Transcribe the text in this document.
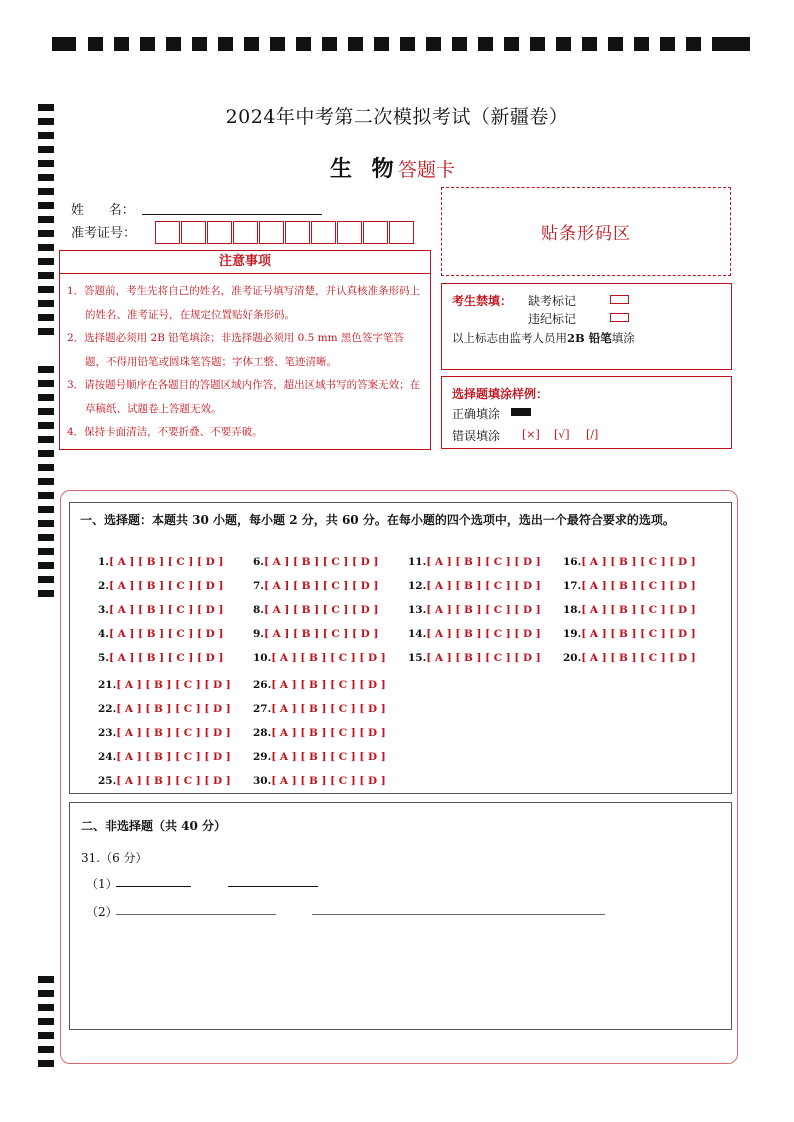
2024年中考第二次模拟考试（新疆卷）
生 物
答题卡
姓      名：
准考证号：	贴条形码区
注意事项
1．答题前，考生先将自己的姓名，准考证号填写清楚，并认真核准条形码上的姓名、准考证号，在规定位置贴好条形码。
2．选择题必须用 2B 铅笔填涂；非选择题必须用 0.5 mm 黑色签字笔答题，不得用铅笔或圆珠笔答题；字体工整、笔迹清晰。
3．请按题号顺序在各题目的答题区域内作答，超出区域书写的答案无效；在草稿纸、试题卷上答题无效。
4．保持卡面清洁，不要折叠、不要弄破。
考生禁填： 缺考标记
违纪标记
以上标志由监考人员用2B 铅笔填涂
选择题填涂样例：
正确填涂
错误填涂 [×] [√] [/]
一、选择题：本题共 30 小题，每小题 2 分，共 60 分。在每小题的四个选项中，选出一个最符合要求的选项。
1.[ A ] [ B ] [ C ] [ D ]
2.[ A ] [ B ] [ C ] [ D ]
3.[ A ] [ B ] [ C ] [ D ]
4.[ A ] [ B ] [ C ] [ D ]
5.[ A ] [ B ] [ C ] [ D ]
6.[ A ] [ B ] [ C ] [ D ]
7.[ A ] [ B ] [ C ] [ D ]
8.[ A ] [ B ] [ C ] [ D ]
9.[ A ] [ B ] [ C ] [ D ]
10.[ A ] [ B ] [ C ] [ D ]
11.[ A ] [ B ] [ C ] [ D ]
12.[ A ] [ B ] [ C ] [ D ]
13.[ A ] [ B ] [ C ] [ D ]
14.[ A ] [ B ] [ C ] [ D ]
15.[ A ] [ B ] [ C ] [ D ]
16.[ A ] [ B ] [ C ] [ D ]
17.[ A ] [ B ] [ C ] [ D ]
18.[ A ] [ B ] [ C ] [ D ]
19.[ A ] [ B ] [ C ] [ D ]
20.[ A ] [ B ] [ C ] [ D ]
21.[ A ] [ B ] [ C ] [ D ]
22.[ A ] [ B ] [ C ] [ D ]
23.[ A ] [ B ] [ C ] [ D ]
24.[ A ] [ B ] [ C ] [ D ]
25.[ A ] [ B ] [ C ] [ D ]
26.[ A ] [ B ] [ C ] [ D ]
27.[ A ] [ B ] [ C ] [ D ]
28.[ A ] [ B ] [ C ] [ D ]
29.[ A ] [ B ] [ C ] [ D ]
30.[ A ] [ B ] [ C ] [ D ]
二、非选择题（共 40 分）
31.（6 分）
（1）
（2）
